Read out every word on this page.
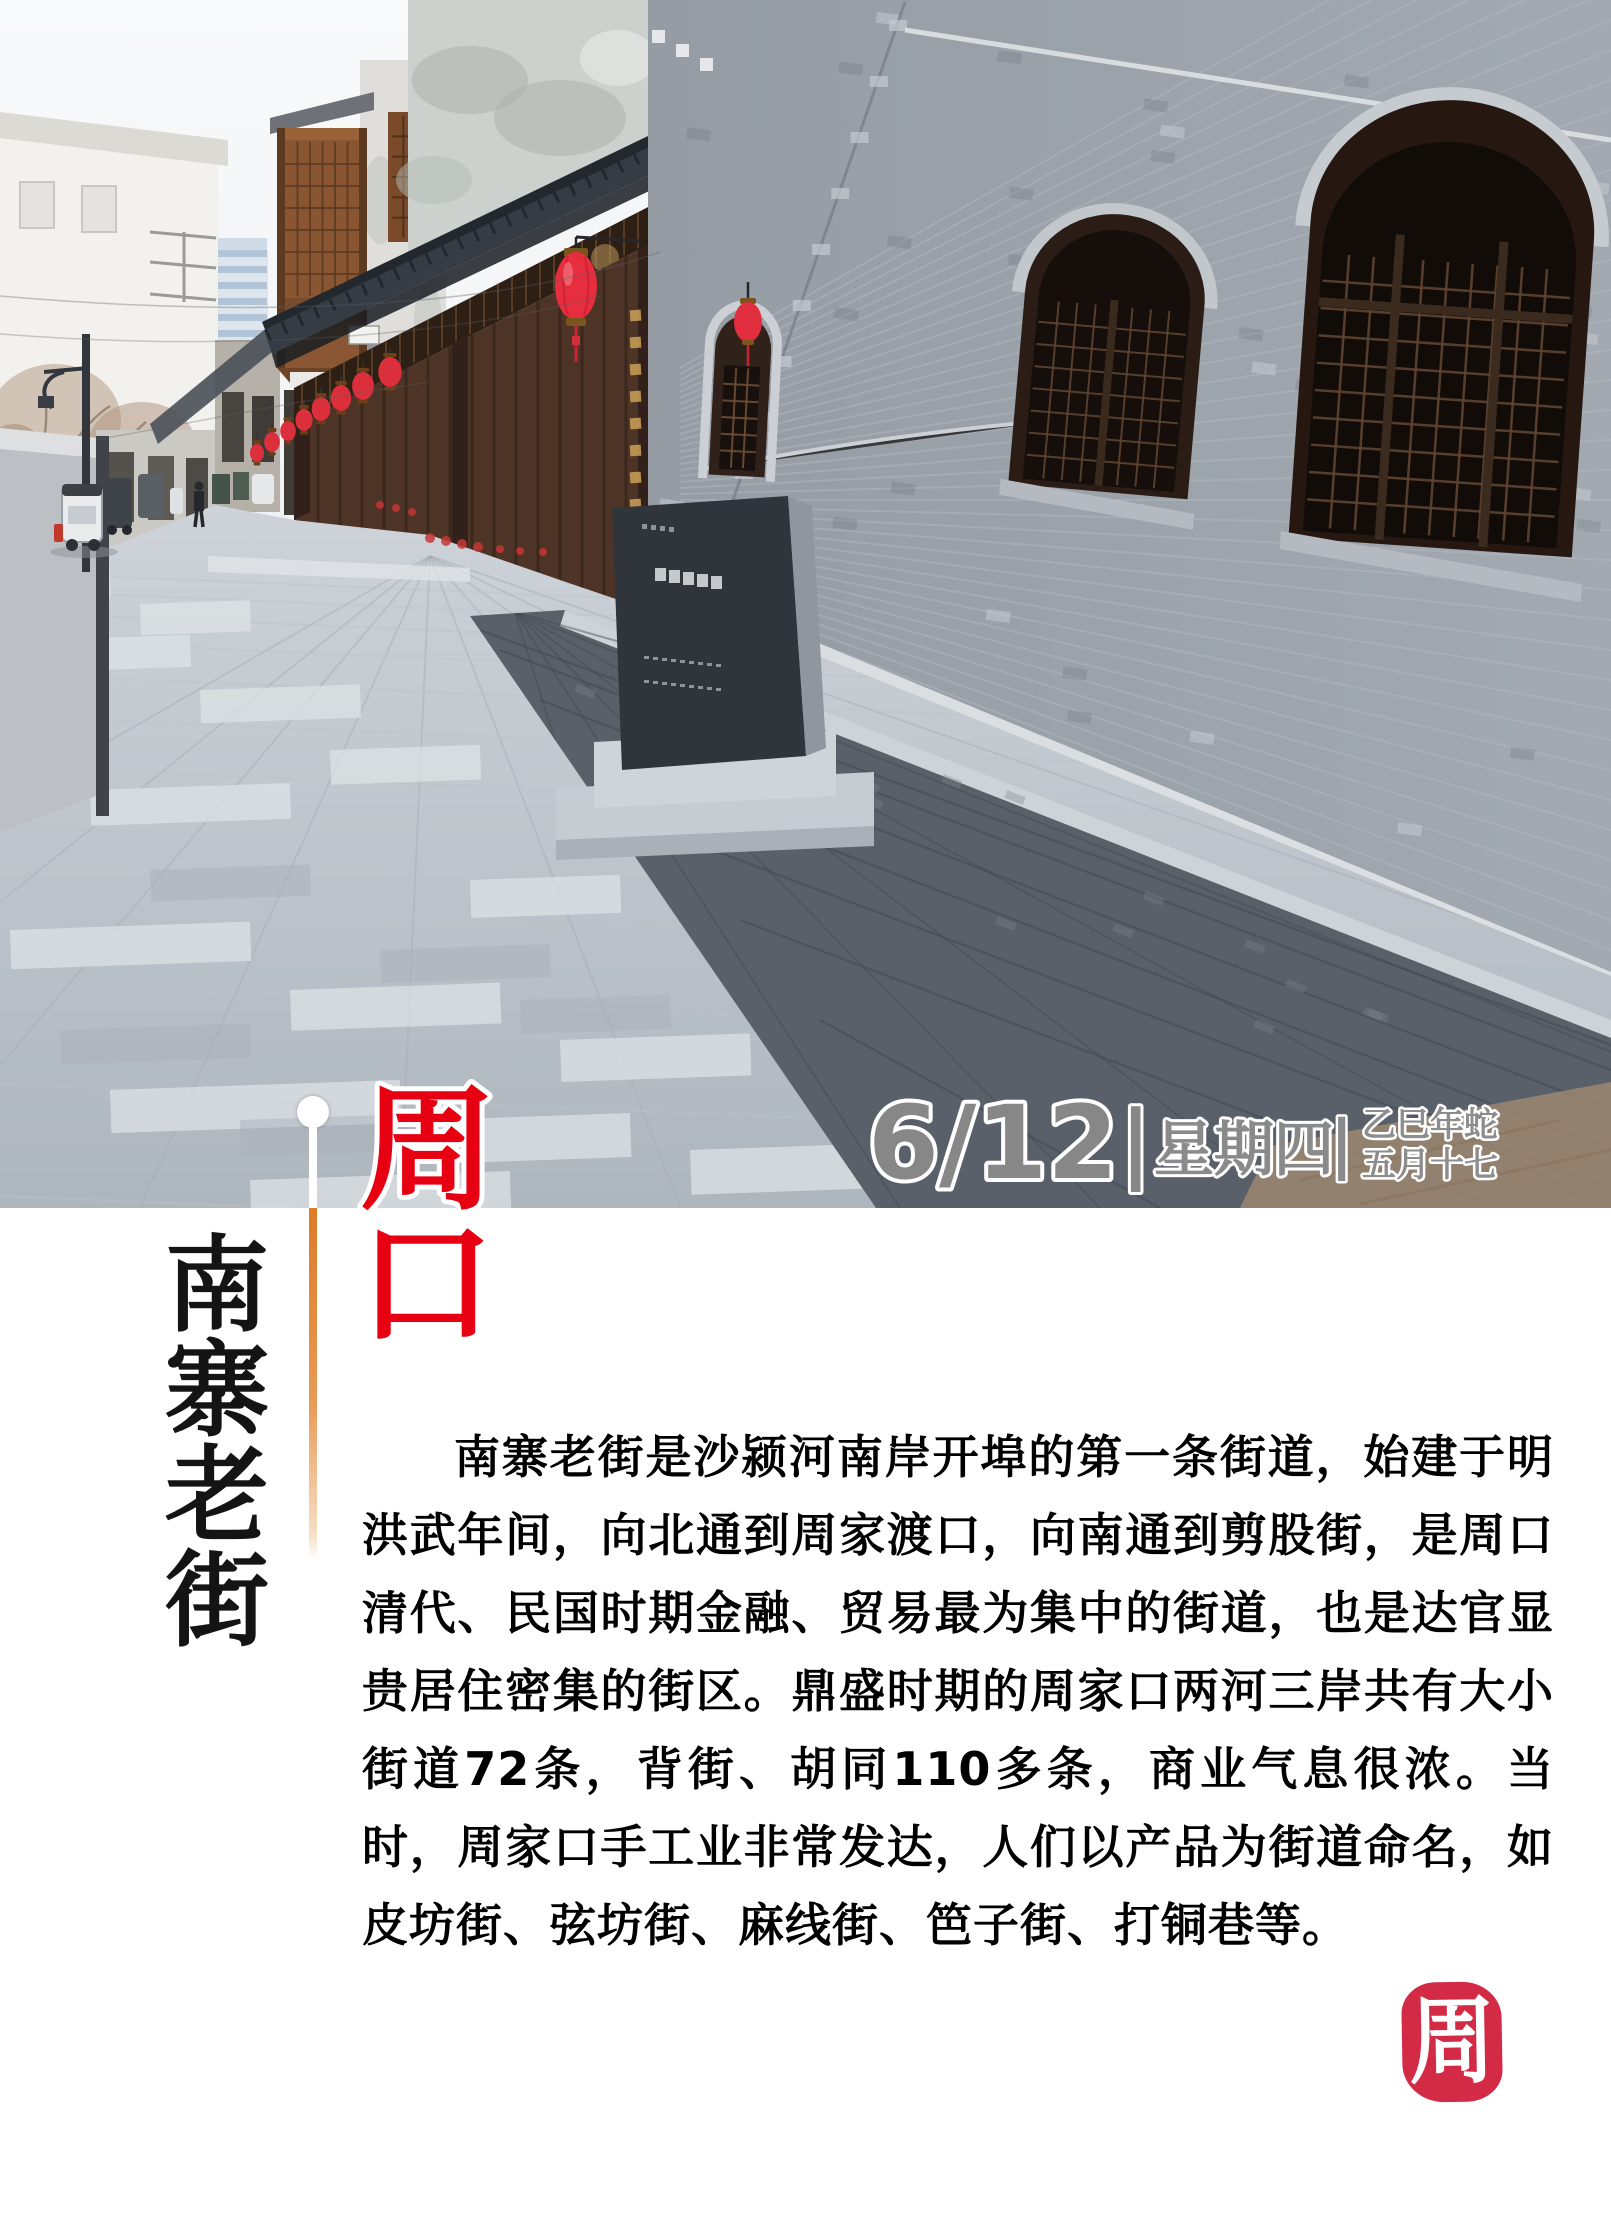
6/12 | 星期四
| 乙巳年蛇
五月十七
周
口
南寨老街	南寨老街是沙颍河南岸开埠的第一条街道，始建于明洪武年间，向北通到周家渡口，向南通到剪股街，是周口清代、民国时期金融、贸易最为集中的街道，也是达官显贵居住密集的街区。鼎盛时期的周家口两河三岸共有大小街道72条，背街、胡同110多条，商业气息很浓。当时，周家口手工业非常发达，人们以产品为街道命名，如皮坊街、弦坊街、麻线街、笆子街、打铜巷等。
周
